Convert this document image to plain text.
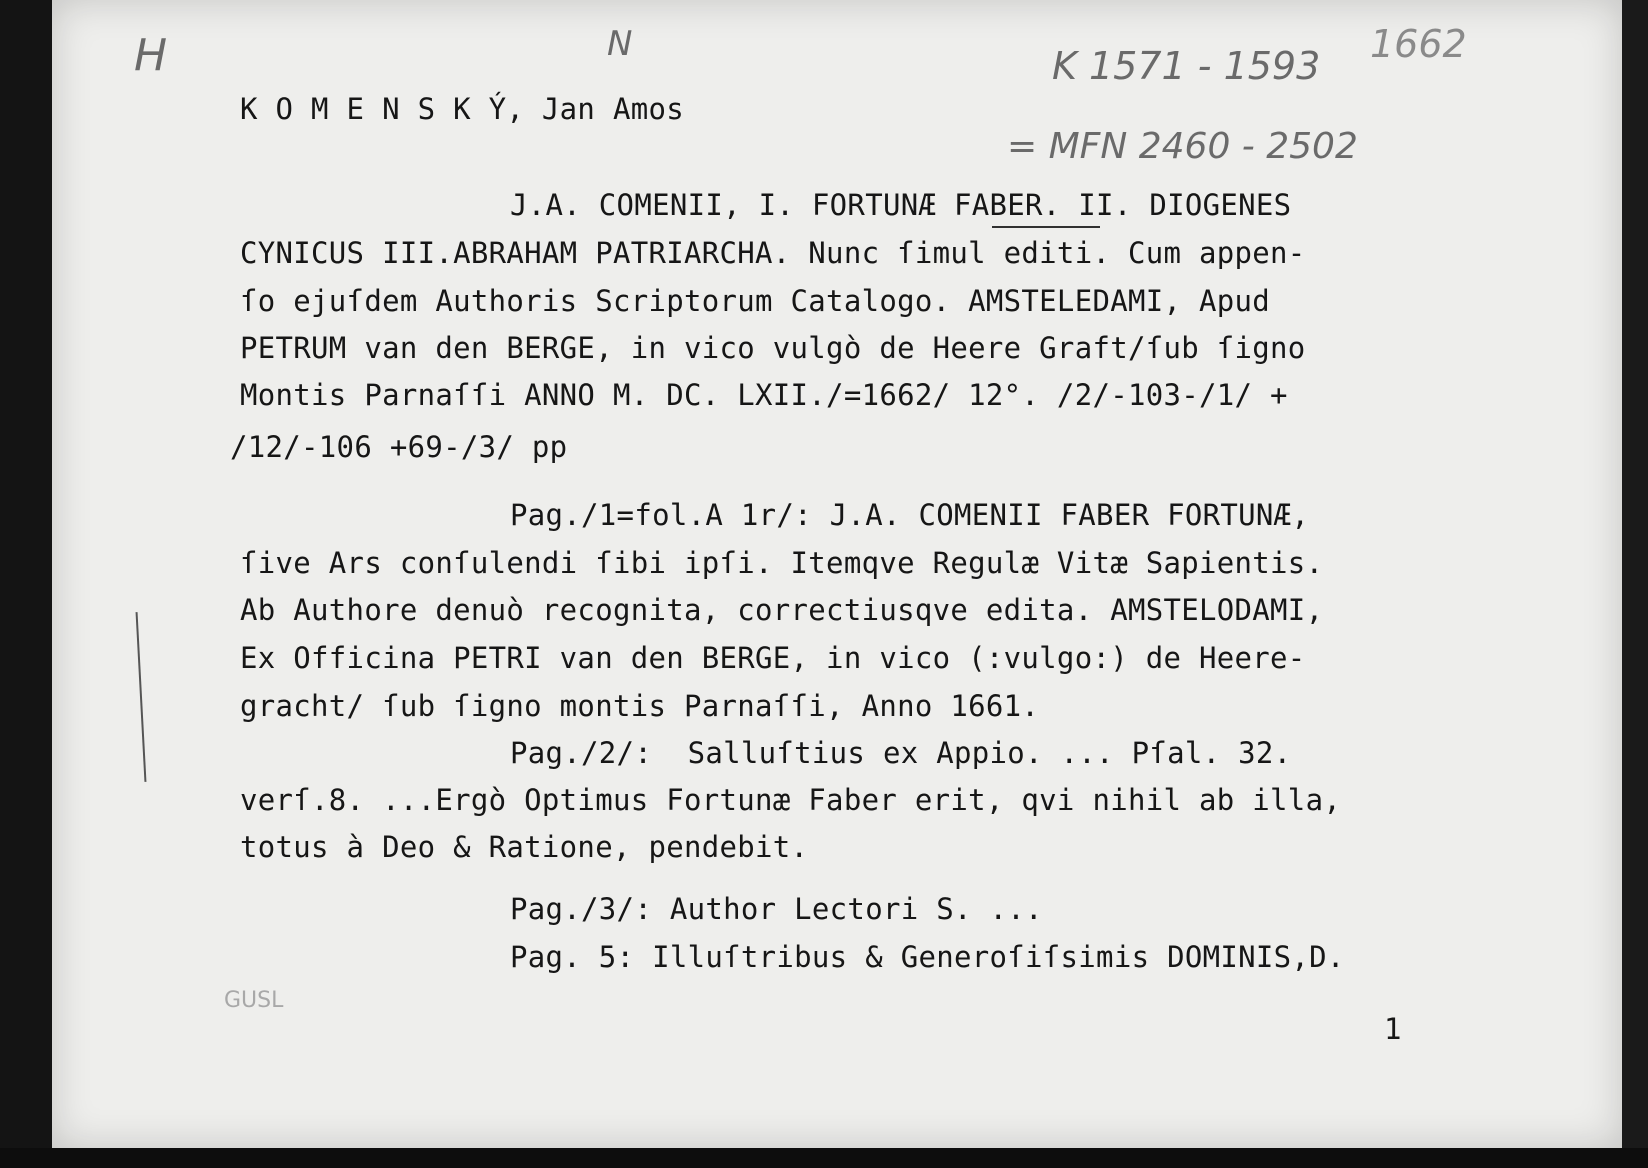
H	N	K 1571 - 1593 1662
= MFN 2460 - 2502
K O M E N S K Ý, Jan Amos
J.A. COMENII, I. FORTUNÆ FABER. II. DIOGENES
CYNICUS III.ABRAHAM PATRIARCHA. Nunc ſimul editi. Cum appen-
ſo ejuſdem Authoris Scriptorum Catalogo. AMSTELEDAMI, Apud
PETRUM van den BERGE, in vico vulgò de Heere Graft/ſub ſigno
Montis Parnaſſi ANNO M. DC. LXII./=1662/ 12°. /2/-103-/1/ +
/12/-106 +69-/3/ pp
Pag./1=fol.A 1r/: J.A. COMENII FABER FORTUNÆ,
ſive Ars conſulendi ſibi ipſi. Itemqve Regulæ Vitæ Sapientis.
Ab Authore denuò recognita, correctiusqve edita. AMSTELODAMI,
Ex Officina PETRI van den BERGE, in vico (:vulgo:) de Heere-
gracht/ ſub ſigno montis Parnaſſi, Anno 1661.
Pag./2/:  Salluſtius ex Appio. ... Pſal. 32.
verſ.8. ...Ergò Optimus Fortunæ Faber erit, qvi nihil ab illa,
totus à Deo & Ratione, pendebit.
Pag./3/: Author Lectori S. ...
Pag. 5: Illuſtribus & Generoſiſsimis DOMINIS,D.
GUSL
1
